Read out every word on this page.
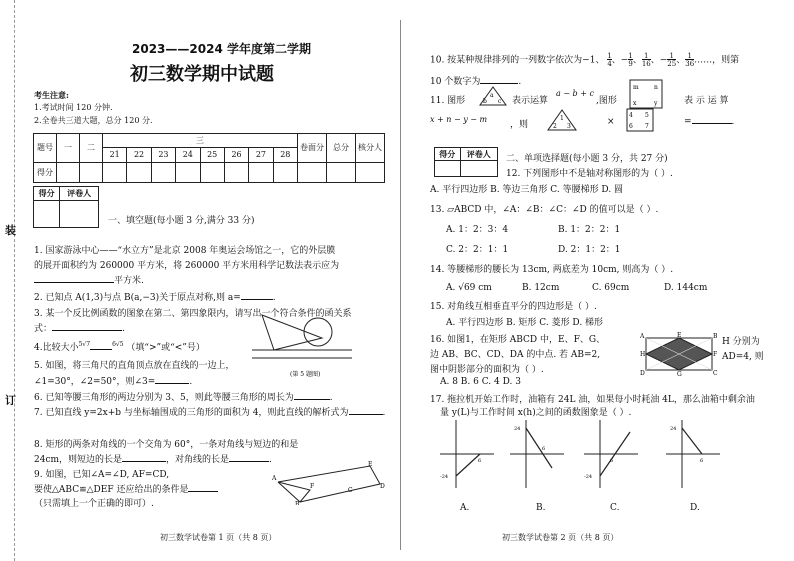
装
订
2023——2024 学年度第二学期
初三数学期中试题
考生注意:
1.考试时间 120 分钟.
2.全卷共三道大题，总分 120 分.
题号	一	二	三								卷面分	总分	核分人
			21	22	23	24	25	26	27	28			
得分													
得分	评卷人

一、填空题(每小题 3 分,满分 33 分)
1. 国家游泳中心——“水立方”是北京 2008 年奥运会场馆之一，它的外层膜
的展开面积约为 260000 平方米，将 260000 平方米用科学记数法表示应为
平方米.
2. 已知点 A(1,3)与点 B(a,−3)关于原点对称,则 a=	.
3. 某一个反比例函数的图象在第二、第四象限内，请写出一个符合条件的函关系
式：	.
4.比较大小$^{5√7}$	$^{6√5}$ （填“>”或“<”号）
(第 5 题图)
5. 如图，将三角尺的直角顶点放在直线的一边上，
∠1=30°，∠2=50°，则∠3=	.
6. 已知等腰三角形的两边分别为 3、5，则此等腰三角形的周长为	.
7. 已知直线 y=2x+b 与坐标轴围成的三角形的面积为 4，则此直线的解析式为	.
8. 矩形的两条对角线的一个交角为 60°，一条对角线与短边的和是
24cm，则短边的长是	，对角线的长是	.
9. 如图，已知∠A=∠D, AF=CD,
要使△ABC≌△DEF 还应给出的条件是
（只需填上一个正确的即可）.
A
B
F
C
D
E
初三数学试卷第 1 页（共 8 页）
10. 按某种规律排列的一列数字依次为−1、 $\frac{1}{4}$、$-\frac{1}{9}$、$\frac{1}{16}$、$-\frac{1}{25}$、$\frac{1}{36}\dots\dots$，则第
10 个数字为	.
11. 图形
a
b c 表示运算
a − b + c
,图形
m	n
x	y	表 示 运 算
x + n − y − m
，则
1
2 3	×
4 5
6 7	=	.
得分	评卷人

二、单项选择题(每小题 3 分，共 27 分)
12. 下列图形中不是轴对称图形的为（ ）.
A. 平行四边形 B. 等边三角形 C. 等腰梯形 D. 圆
13. ▱ABCD 中，∠A：∠B：∠C：∠D 的值可以是（ ）.
A. 1：2：3：4	B. 1：2：2：1
C. 2：2：1：1	D. 2：1：2：1
14. 等腰梯形的腰长为 13cm, 两底差为 10cm, 则高为（ ）.
A. √69 cm	B. 12cm	C. 69cm	D. 144cm
15. 对角线互相垂直平分的四边形是（ ）.
A. 平行四边形 B. 矩形 C. 菱形 D. 梯形
16. 如图1，在矩形 ABCD 中，E、F、G、	H 分别为
边 AB、BC、CD、DA 的中点. 若 AB=2,	AD=4, 则
图中阴影部分的面积为（ ）.
A. 8 B. 6 C. 4 D. 3
A	E	B
H	F
D	G	C
17. 拖拉机开始工作时，油箱有 24L 油，如果每小时耗油 4L，那么油箱中剩余油
量 y(L)与工作时间 x(h)之间的函数图象是（ ）.
-24
6
24
6
-24
6
24
6
A.	B.	C.	D.
初三数学试卷第 2 页（共 8 页）
